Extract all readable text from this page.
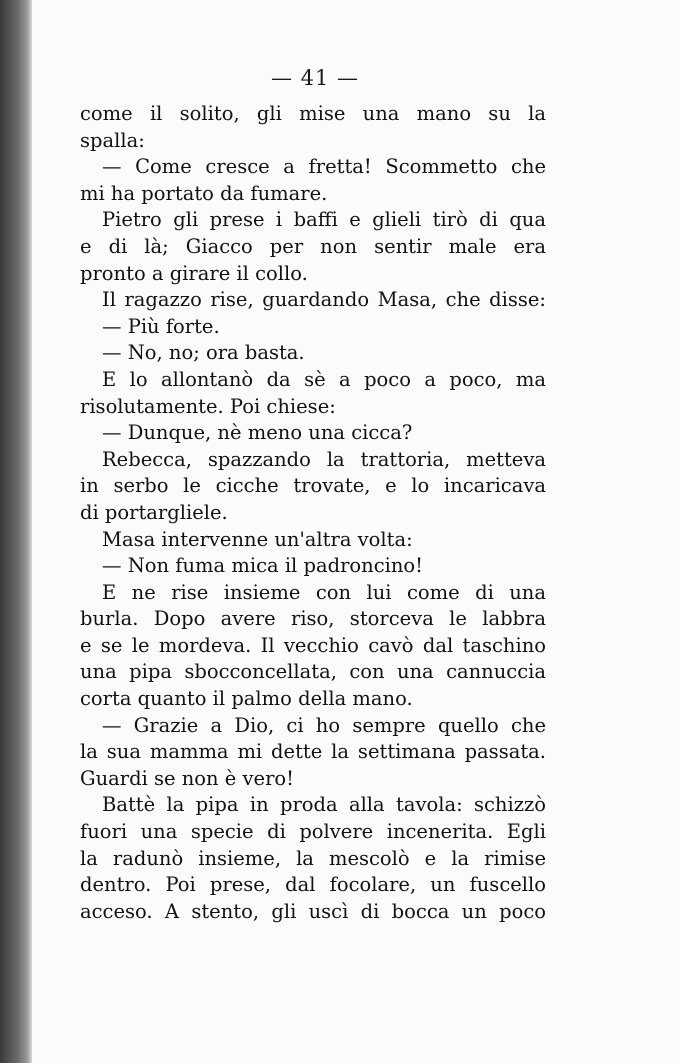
— 41 —
come il solito, gli mise una mano su la
spalla:
— Come cresce a fretta! Scommetto che
mi ha portato da fumare.
Pietro gli prese i baffi e glieli tirò di qua
e di là; Giacco per non sentir male era
pronto a girare il collo.
Il ragazzo rise, guardando Masa, che disse:
— Più forte.
— No, no; ora basta.
E lo allontanò da sè a poco a poco, ma
risolutamente. Poi chiese:
— Dunque, nè meno una cicca?
Rebecca, spazzando la trattoria, metteva
in serbo le cicche trovate, e lo incaricava
di portargliele.
Masa intervenne un'altra volta:
— Non fuma mica il padroncino!
E ne rise insieme con lui come di una
burla. Dopo avere riso, storceva le labbra
e se le mordeva. Il vecchio cavò dal taschino
una pipa sbocconcellata, con una cannuccia
corta quanto il palmo della mano.
— Grazie a Dio, ci ho sempre quello che
la sua mamma mi dette la settimana passata.
Guardi se non è vero!
Battè la pipa in proda alla tavola: schizzò
fuori una specie di polvere incenerita. Egli
la radunò insieme, la mescolò e la rimise
dentro. Poi prese, dal focolare, un fuscello
acceso. A stento, gli uscì di bocca un poco
